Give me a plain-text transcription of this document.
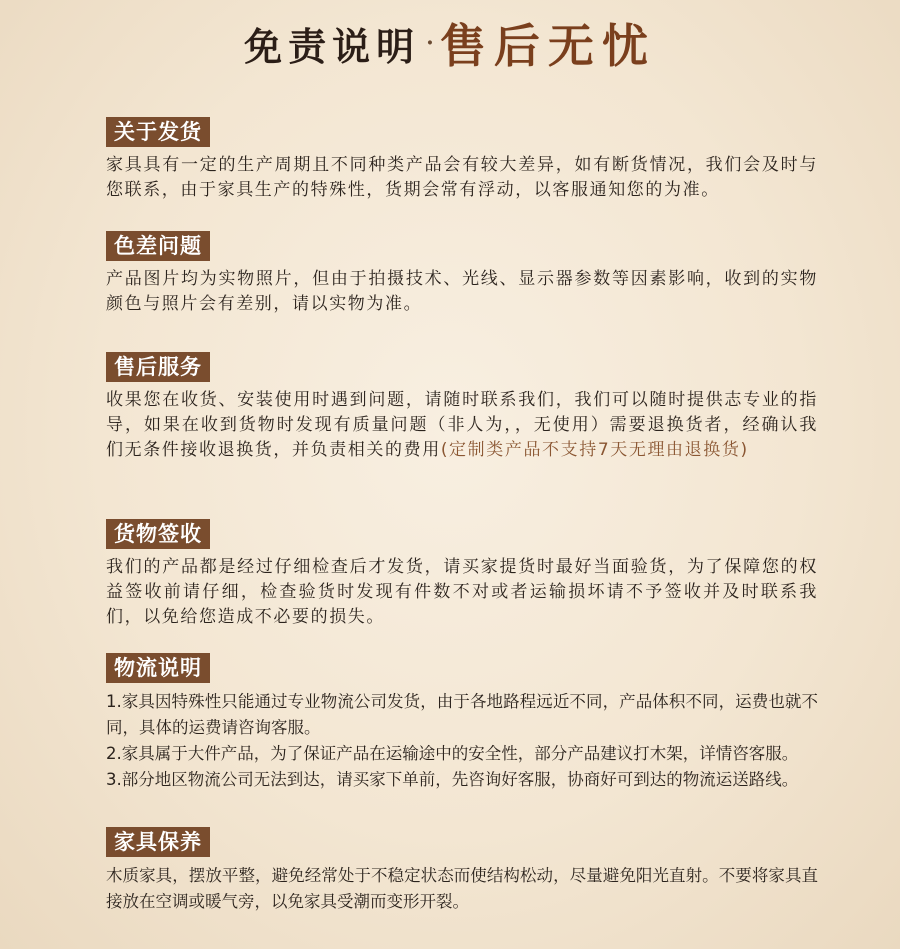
免责说明 · 售后无忧
关于发货
家具具有一定的生产周期且不同种类产品会有较大差异，如有断货情况，我们会及时与您联系，由于家具生产的特殊性，货期会常有浮动，以客服通知您的为准。
色差问题
产品图片均为实物照片，但由于拍摄技术、光线、显示器参数等因素影响，收到的实物颜色与照片会有差别，请以实物为准。
售后服务
收果您在收货、安装使用时遇到问题，请随时联系我们，我们可以随时提供志专业的指导，如果在收到货物时发现有质量问题（非人为，，无使用）需要退换货者，经确认我们无条件接收退换货，并负责相关的费用(定制类产品不支持7天无理由退换货)
货物签收
我们的产品都是经过仔细检查后才发货，请买家提货时最好当面验货，为了保障您的权益签收前请仔细，检查验货时发现有件数不对或者运输损坏请不予签收并及时联系我们，以免给您造成不必要的损失。
物流说明
1.家具因特殊性只能通过专业物流公司发货，由于各地路程远近不同，产品体积不同，运费也就不同，具体的运费请咨询客服。
2.家具属于大件产品，为了保证产品在运输途中的安全性，部分产品建议打木架，详情咨客服。
3.部分地区物流公司无法到达，请买家下单前，先咨询好客服，协商好可到达的物流运送路线。
家具保养
木质家具，摆放平整，避免经常处于不稳定状态而使结构松动，尽量避免阳光直射。不要将家具直接放在空调或暖气旁，以免家具受潮而变形开裂。
